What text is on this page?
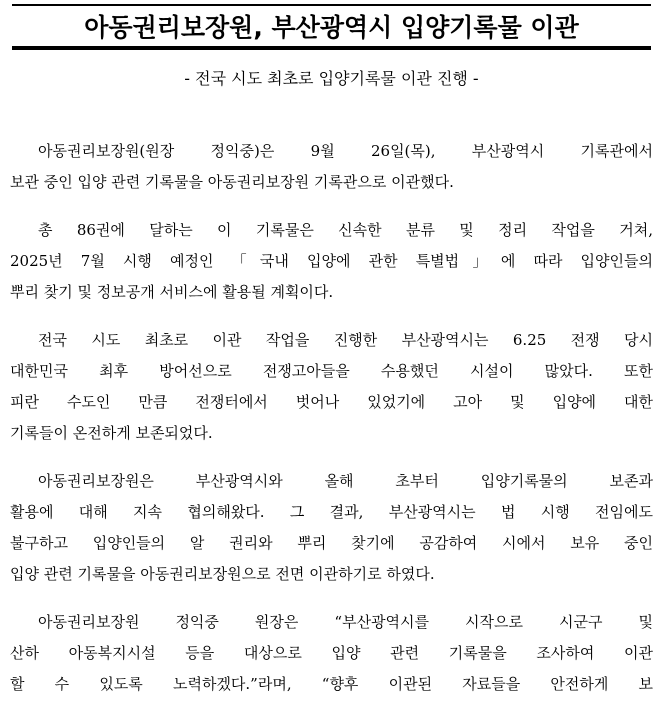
아동권리보장원, 부산광역시 입양기록물 이관

- 전국 시도 최초로 입양기록물 이관 진행 -

아동권리보장원(원장 정익중)은 9월 26일(목), 부산광역시 기록관에서
보관 중인 입양 관련 기록물을 아동권리보장원 기록관으로 이관했다.
총 86권에 달하는 이 기록물은 신속한 분류 및 정리 작업을 거쳐,
2025년 7월 시행 예정인 「국내 입양에 관한 특별법」에 따라 입양인들의
뿌리 찾기 및 정보공개 서비스에 활용될 계획이다.
전국 시도 최초로 이관 작업을 진행한 부산광역시는 6.25 전쟁 당시
대한민국 최후 방어선으로 전쟁고아들을 수용했던 시설이 많았다. 또한
피란 수도인 만큼 전쟁터에서 벗어나 있었기에 고아 및 입양에 대한
기록들이 온전하게 보존되었다.
아동권리보장원은 부산광역시와 올해 초부터 입양기록물의 보존과
활용에 대해 지속 협의해왔다. 그 결과, 부산광역시는 법 시행 전임에도
불구하고 입양인들의 알 권리와 뿌리 찾기에 공감하여 시에서 보유 중인
입양 관련 기록물을 아동권리보장원으로 전면 이관하기로 하였다.
아동권리보장원 정익중 원장은 “부산광역시를 시작으로 시군구 및
산하 아동복지시설 등을 대상으로 입양 관련 기록물을 조사하여 이관
할 수 있도록 노력하겠다.”라며, “향후 이관된 자료들을 안전하게 보
